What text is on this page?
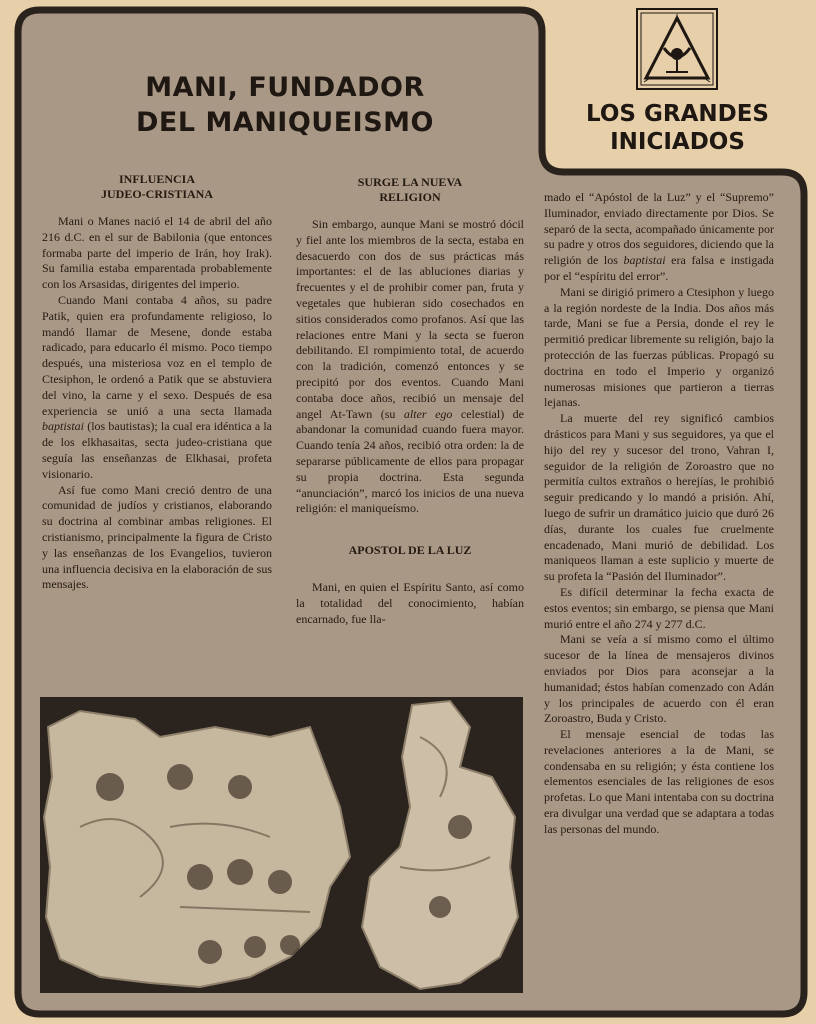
MANI, FUNDADOR
DEL MANIQUEISMO	LOS GRANDES
INICIADOS
INFLUENCIA
JUDEO-CRISTIANA

Mani o Manes nació el 14 de abril del año 216 d.C. en el sur de Babilonia (que entonces formaba parte del imperio de Irán, hoy Irak). Su familia estaba emparentada probablemente con los Arsasidas, dirigentes del imperio.

Cuando Mani contaba 4 años, su padre Patik, quien era profundamente religioso, lo mandó llamar de Mesene, donde estaba radicado, para educarlo él mismo. Poco tiempo después, una misteriosa voz en el templo de Ctesiphon, le ordenó a Patik que se abstuviera del vino, la carne y el sexo. Después de esa experiencia se unió a una secta llamada baptistai (los bautistas); la cual era idéntica a la de los elkhasaitas, secta judeo-cristiana que seguía las enseñanzas de Elkhasai, profeta visionario.

Así fue como Mani creció dentro de una comunidad de judíos y cristianos, elaborando su doctrina al combinar ambas religiones. El cristianismo, principalmente la figura de Cristo y las enseñanzas de los Evangelios, tuvieron una influencia decisiva en la elaboración de sus mensajes.

SURGE LA NUEVA
RELIGION

Sin embargo, aunque Mani se mostró dócil y fiel ante los miembros de la secta, estaba en desacuerdo con dos de sus prácticas más importantes: el de las abluciones diarias y frecuentes y el de prohibir comer pan, fruta y vegetales que hubieran sido cosechados en sitios considerados como profanos. Así que las relaciones entre Mani y la secta se fueron debilitando. El rompimiento total, de acuerdo con la tradición, comenzó entonces y se precipitó por dos eventos. Cuando Mani contaba doce años, recibió un mensaje del angel At-Tawn (su alter ego celestial) de abandonar la comunidad cuando fuera mayor. Cuando tenía 24 años, recibió otra orden: la de separarse públicamente de ellos para propagar su propia doctrina. Esta segunda “anunciación”, marcó los inicios de una nueva religión: el maniqueísmo.

APOSTOL DE LA LUZ

Mani, en quien el Espíritu Santo, así como la totalidad del conocimiento, habían encarnado, fue lla-

mado el “Apóstol de la Luz” y el “Supremo” Iluminador, enviado directamente por Dios. Se separó de la secta, acompañado únicamente por su padre y otros dos seguidores, diciendo que la religión de los baptistai era falsa e instigada por el “espíritu del error”.

Mani se dirigió primero a Ctesiphon y luego a la región nordeste de la India. Dos años más tarde, Mani se fue a Persia, donde el rey le permitió predicar libremente su religión, bajo la protección de las fuerzas públicas. Propagó su doctrina en todo el Imperio y organizó numerosas misiones que partieron a tierras lejanas.

La muerte del rey significó cambios drásticos para Mani y sus seguidores, ya que el hijo del rey y sucesor del trono, Vahran I, seguidor de la religión de Zoroastro que no permitía cultos extraños o herejías, le prohibió seguir predicando y lo mandó a prisión. Ahí, luego de sufrir un dramático juicio que duró 26 días, durante los cuales fue cruelmente encadenado, Mani murió de debilidad. Los maniqueos llaman a este suplicio y muerte de su profeta la “Pasión del Iluminador”.

Es difícil determinar la fecha exacta de estos eventos; sin embargo, se piensa que Mani murió entre el año 274 y 277 d.C.

Mani se veía a sí mismo como el último sucesor de la línea de mensajeros divinos enviados por Dios para aconsejar a la humanidad; éstos habían comenzado con Adán y los principales de acuerdo con él eran Zoroastro, Buda y Cristo.

El mensaje esencial de todas las revelaciones anteriores a la de Mani, se condensaba en su religión; y ésta contiene los elementos esenciales de las religiones de esos profetas. Lo que Mani intentaba con su doctrina era divulgar una verdad que se adaptara a todas las personas del mundo.
